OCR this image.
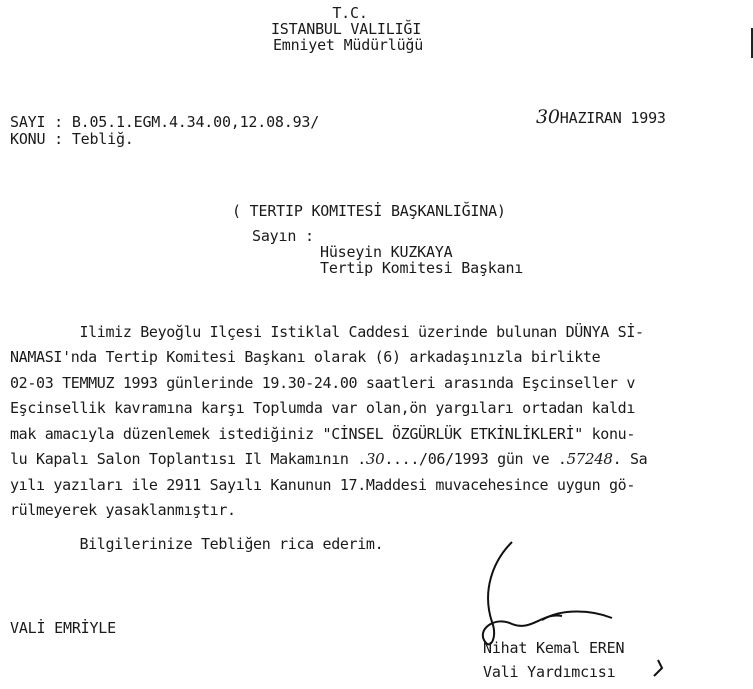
T.C.
ISTANBUL VALILIĞI
Emniyet Müdürlüğü
SAYI : B.05.1.EGM.4.34.00,12.08.93/
KONU : Tebliğ.
30HAZIRAN 1993
( TERTIP KOMITESİ BAŞKANLIĞINA)
Sayın :
Hüseyin KUZKAYA
Tertip Komitesi Başkanı
Ilimiz Beyoğlu Ilçesi Istiklal Caddesi üzerinde bulunan DÜNYA Sİ-
NAMASI'nda Tertip Komitesi Başkanı olarak (6) arkadaşınızla birlikte
02-03 TEMMUZ 1993 günlerinde 19.30-24.00 saatleri arasında Eşcinseller v
Eşcinsellik kavramına karşı Toplumda var olan,ön yargıları ortadan kaldı
mak amacıyla düzenlemek istediğiniz "CİNSEL ÖZGÜRLÜK ETKİNLİKLERİ" konu-
lu Kapalı Salon Toplantısı Il Makamının .30..../06/1993 gün ve .57248. Sa
yılı yazıları ile 2911 Sayılı Kanunun 17.Maddesi muvacehesince uygun gö-
rülmeyerek yasaklanmıştır.
Bilgilerinize Tebliğen rica ederim.
VALİ EMRİYLE
Nihat Kemal EREN
Vali Yardımcısı
